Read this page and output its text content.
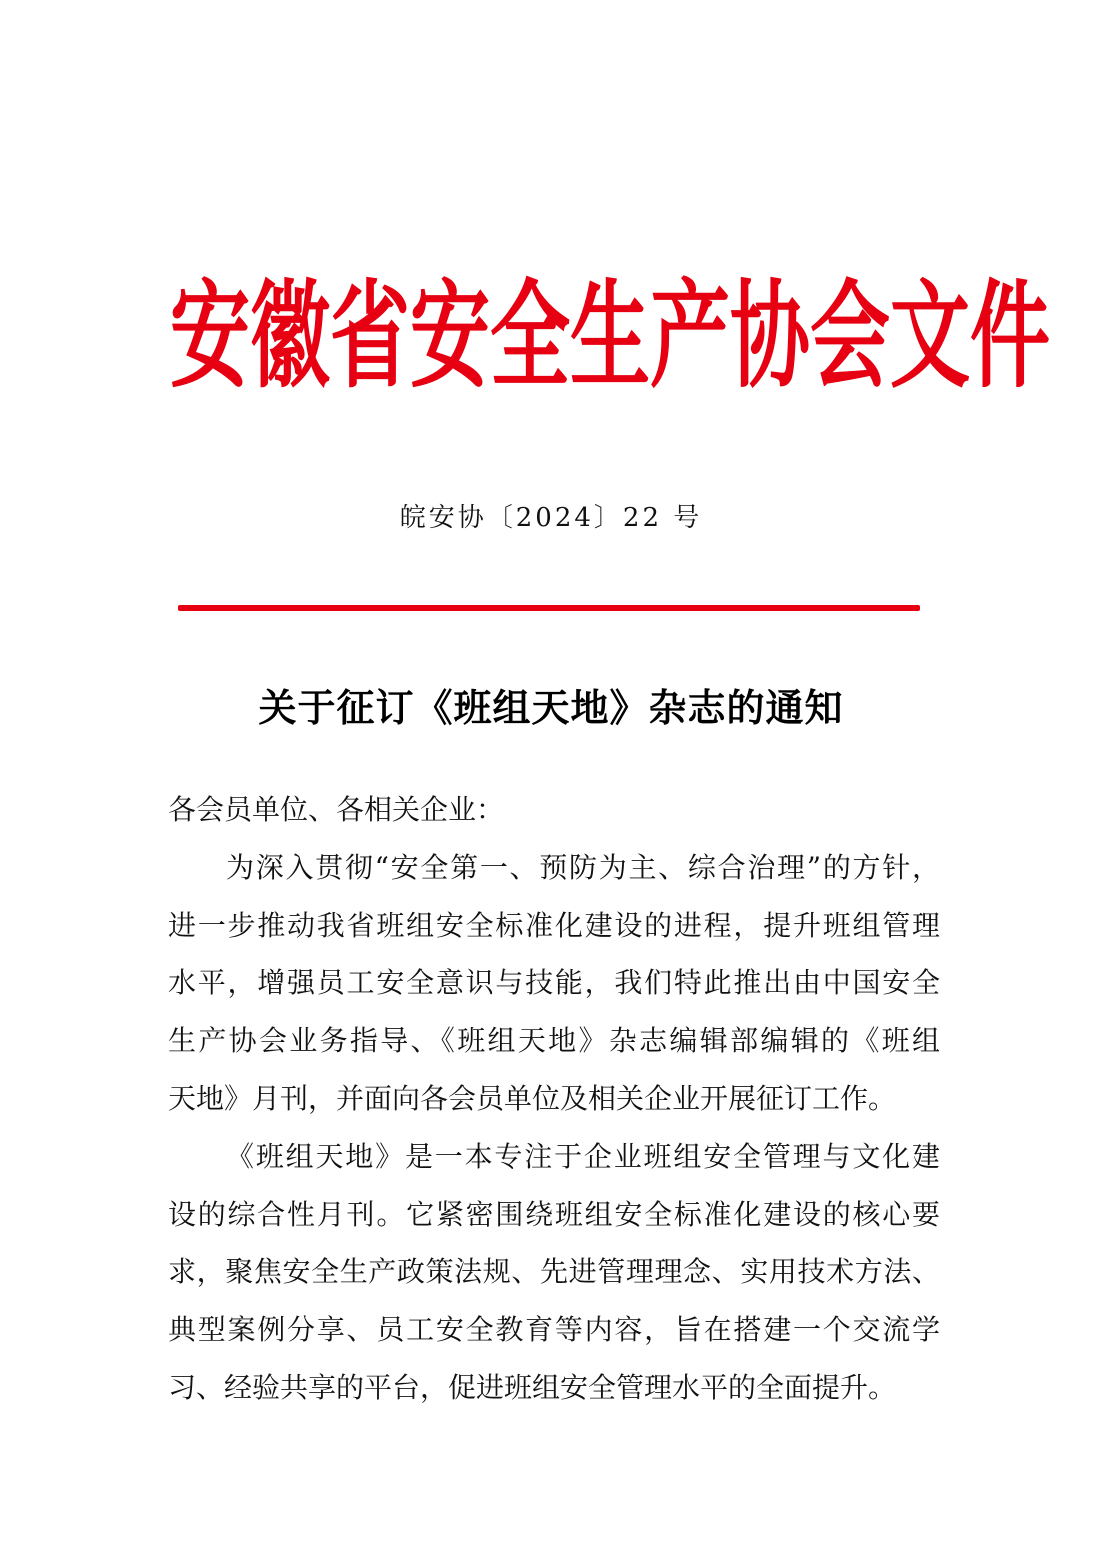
安 徽 省 安 全 生 产 协 会 文 件
皖安协〔2024〕22 号
关于征订《班组天地》杂志的通知
各会员单位、各相关企业：
为深入贯彻“安全第一、预防为主、综合治理”的方针，
进一步推动我省班组安全标准化建设的进程，提升班组管理
水平，增强员工安全意识与技能，我们特此推出由中国安全
生产协会业务指导、《班组天地》杂志编辑部编辑的《班组
天地》月刊，并面向各会员单位及相关企业开展征订工作。
《班组天地》是一本专注于企业班组安全管理与文化建
设的综合性月刊。它紧密围绕班组安全标准化建设的核心要
求，聚焦安全生产政策法规、先进管理理念、实用技术方法、
典型案例分享、员工安全教育等内容，旨在搭建一个交流学
习、经验共享的平台，促进班组安全管理水平的全面提升。
